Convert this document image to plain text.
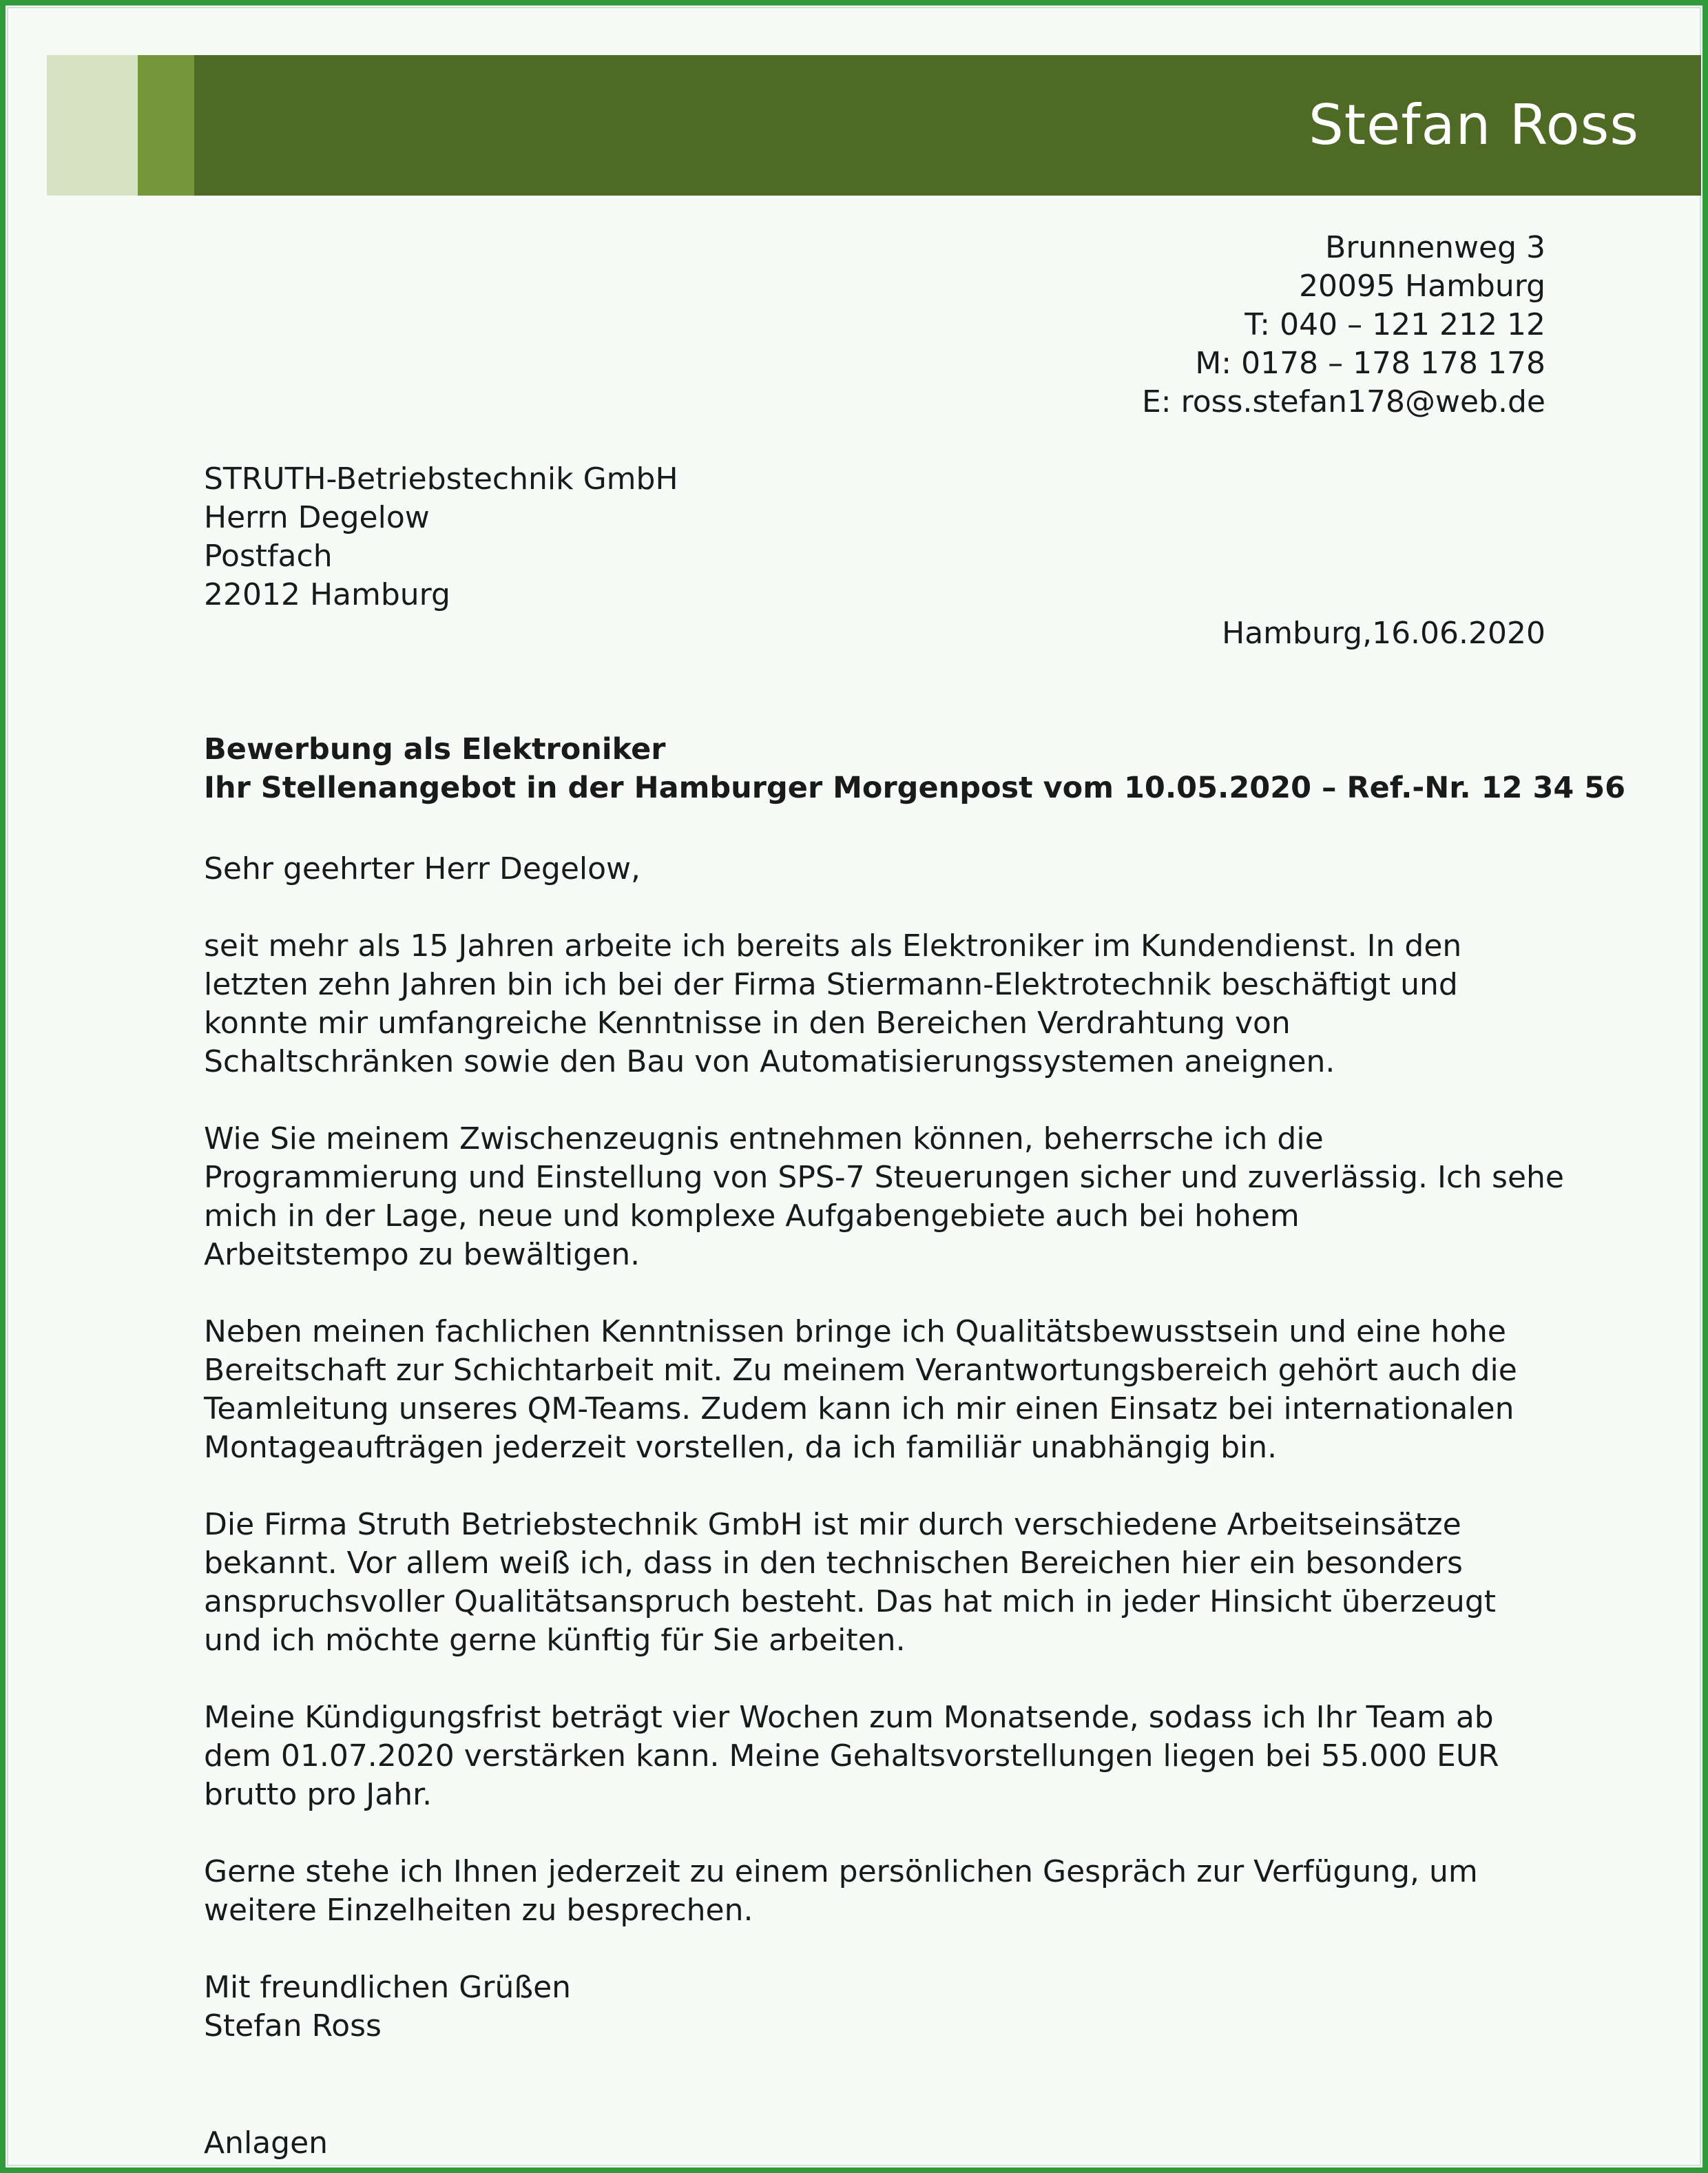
Stefan Ross
Brunnenweg 3
20095 Hamburg
T: 040 – 121 212 12
M: 0178 – 178 178 178
E: ross.stefan178@web.de
STRUTH-Betriebstechnik GmbH
Herrn Degelow
Postfach
22012 Hamburg
Hamburg,16.06.2020
Bewerbung als Elektroniker
Ihr Stellenangebot in der Hamburger Morgenpost vom 10.05.2020 – Ref.-Nr. 12 34 56
Sehr geehrter Herr Degelow,
seit mehr als 15 Jahren arbeite ich bereits als Elektroniker im Kundendienst. In den
letzten zehn Jahren bin ich bei der Firma Stiermann-Elektrotechnik beschäftigt und
konnte mir umfangreiche Kenntnisse in den Bereichen Verdrahtung von
Schaltschränken sowie den Bau von Automatisierungssystemen aneignen.
Wie Sie meinem Zwischenzeugnis entnehmen können, beherrsche ich die
Programmierung und Einstellung von SPS-7 Steuerungen sicher und zuverlässig. Ich sehe
mich in der Lage, neue und komplexe Aufgabengebiete auch bei hohem
Arbeitstempo zu bewältigen.
Neben meinen fachlichen Kenntnissen bringe ich Qualitätsbewusstsein und eine hohe
Bereitschaft zur Schichtarbeit mit. Zu meinem Verantwortungsbereich gehört auch die
Teamleitung unseres QM-Teams. Zudem kann ich mir einen Einsatz bei internationalen
Montageaufträgen jederzeit vorstellen, da ich familiär unabhängig bin.
Die Firma Struth Betriebstechnik GmbH ist mir durch verschiedene Arbeitseinsätze
bekannt. Vor allem weiß ich, dass in den technischen Bereichen hier ein besonders
anspruchsvoller Qualitätsanspruch besteht. Das hat mich in jeder Hinsicht überzeugt
und ich möchte gerne künftig für Sie arbeiten.
Meine Kündigungsfrist beträgt vier Wochen zum Monatsende, sodass ich Ihr Team ab
dem 01.07.2020 verstärken kann. Meine Gehaltsvorstellungen liegen bei 55.000 EUR
brutto pro Jahr.
Gerne stehe ich Ihnen jederzeit zu einem persönlichen Gespräch zur Verfügung, um
weitere Einzelheiten zu besprechen.
Mit freundlichen Grüßen
Stefan Ross
Anlagen
